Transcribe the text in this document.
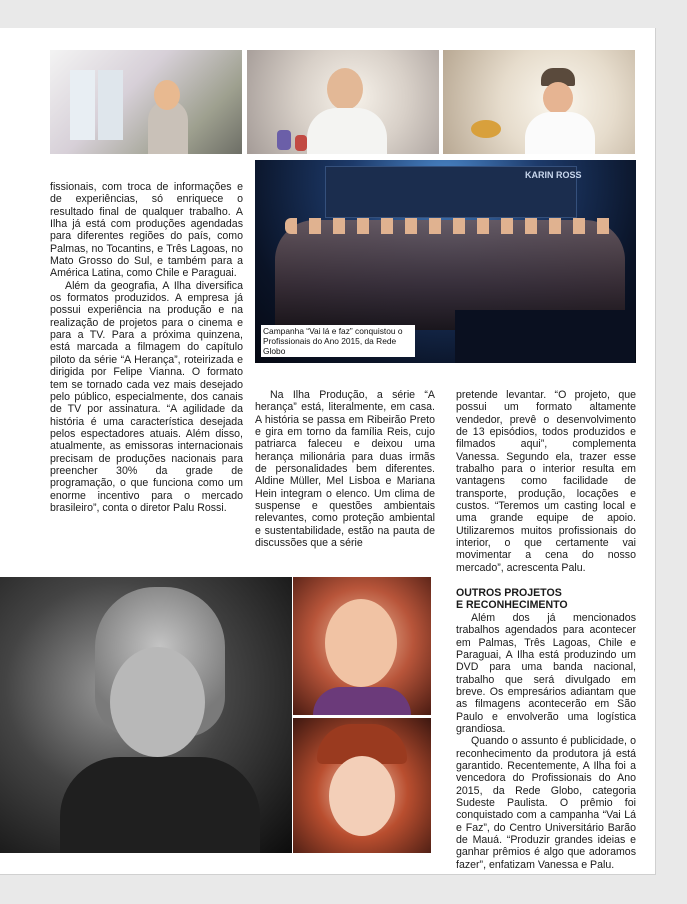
KARIN ROSS
Campanha “Vai lá e faz” conquistou o Profissionais do Ano 2015, da Rede Globo

fissionais, com troca de informações e de experiências, só enriquece o resultado final de qualquer trabalho. A Ilha já está com produções agendadas para diferentes regiões do país, como Palmas, no Tocantins, e Três Lagoas, no Mato Grosso do Sul, e também para a América Latina, como Chile e Paraguai.

Além da geografia, A Ilha diversifica os formatos produzidos. A empresa já possui experiência na produção e na realização de projetos para o cinema e para a TV. Para a próxima quinzena, está marcada a filmagem do capítulo piloto da série “A Herança”, roteirizada e dirigida por Felipe Vianna. O formato tem se tornado cada vez mais desejado pelo público, especialmente, dos canais de TV por assinatura. “A agilidade da história é uma característica desejada pelos espectadores atuais. Além disso, atualmente, as emissoras internacionais precisam de produções nacionais para preencher 30% da grade de programação, o que funciona como um enorme incentivo para o mercado brasileiro”, conta o diretor Palu Rossi.

Na Ilha Produção, a série “A herança” está, literalmente, em casa. A história se passa em Ribeirão Preto e gira em torno da família Reis, cujo patriarca faleceu e deixou uma herança milionária para duas irmãs de personalidades bem diferentes. Aldine Müller, Mel Lisboa e Mariana Hein integram o elenco. Um clima de suspense e questões ambientais relevantes, como proteção ambiental e sustentabilidade, estão na pauta de discussões que a série

pretende levantar. “O projeto, que possui um formato altamente vendedor, prevê o desenvolvimento de 13 episódios, todos produzidos e filmados aqui”, complementa Vanessa. Segundo ela, trazer esse trabalho para o interior resulta em vantagens como facilidade de transporte, produção, locações e custos. “Teremos um casting local e uma grande equipe de apoio. Utilizaremos muitos profissionais do interior, o que certamente vai movimentar a cena do nosso mercado”, acrescenta Palu.

OUTROS PROJETOS

E RECONHECIMENTO

Além dos já mencionados trabalhos agendados para acontecer em Palmas, Três Lagoas, Chile e Paraguai, A Ilha está produzindo um DVD para uma banda nacional, trabalho que será divulgado em breve. Os empresários adiantam que as filmagens acontecerão em São Paulo e envolverão uma logística grandiosa.

Quando o assunto é publicidade, o reconhecimento da produtora já está garantido. Recentemente, A Ilha foi a vencedora do Profissionais do Ano 2015, da Rede Globo, categoria Sudeste Paulista. O prêmio foi conquistado com a campanha “Vai Lá e Faz”, do Centro Universitário Barão de Mauá. “Produzir grandes ideias e ganhar prêmios é algo que adoramos fazer”, enfatizam Vanessa e Palu.
